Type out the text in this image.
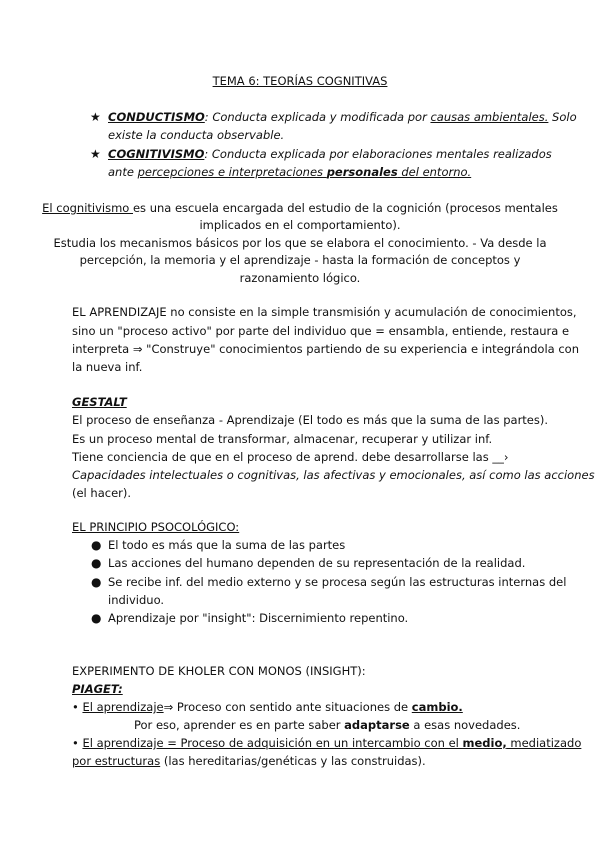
TEMA 6: TEORÍAS COGNITIVAS
★ CONDUCTISMO: Conducta explicada y modificada por causas ambientales. Solo
existe la conducta observable.
★ COGNITIVISMO: Conducta explicada por elaboraciones mentales realizados
ante percepciones e interpretaciones personales del entorno.
El cognitivismo es una escuela encargada del estudio de la cognición (procesos mentales
implicados en el comportamiento).
Estudia los mecanismos básicos por los que se elabora el conocimiento. - Va desde la
percepción, la memoria y el aprendizaje - hasta la formación de conceptos y
razonamiento lógico.
EL APRENDIZAJE no consiste en la simple transmisión y acumulación de conocimientos,
sino un "proceso activo" por parte del individuo que = ensambla, entiende, restaura e
interpreta ⇒ "Construye" conocimientos partiendo de su experiencia e integrándola con
la nueva inf.
GESTALT
El proceso de enseñanza - Aprendizaje (El todo es más que la suma de las partes).
Es un proceso mental de transformar, almacenar, recuperar y utilizar inf.
Tiene conciencia de que en el proceso de aprend. debe desarrollarse las __›
Capacidades intelectuales o cognitivas, las afectivas y emocionales, así como las acciones
(el hacer).
EL PRINCIPIO PSOCOLÓGICO:
● El todo es más que la suma de las partes
● Las acciones del humano dependen de su representación de la realidad.
● Se recibe inf. del medio externo y se procesa según las estructuras internas del
individuo.
● Aprendizaje por "insight": Discernimiento repentino.
EXPERIMENTO DE KHOLER CON MONOS (INSIGHT):
PIAGET:
• El aprendizaje⇒ Proceso con sentido ante situaciones de cambio.
Por eso, aprender es en parte saber adaptarse a esas novedades.
• El aprendizaje = Proceso de adquisición en un intercambio con el medio, mediatizado
por estructuras (las hereditarias/genéticas y las construidas).
